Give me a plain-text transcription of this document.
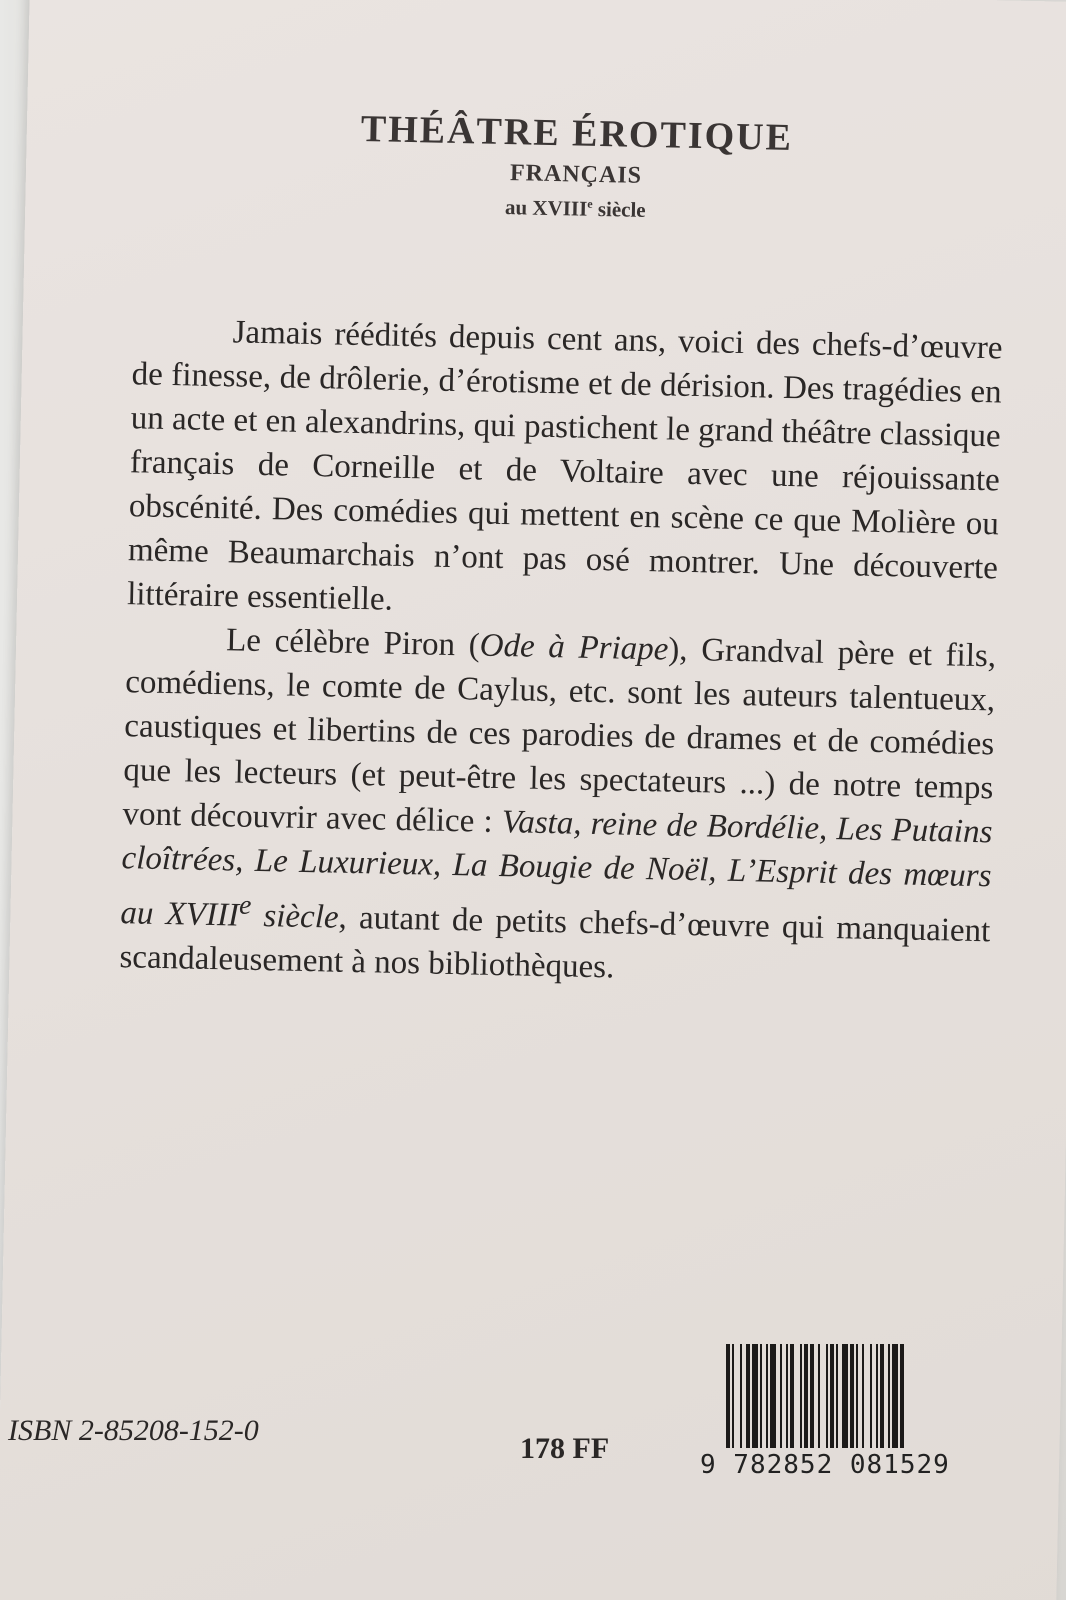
THÉÂTRE ÉROTIQUE
FRANÇAIS
au XVIIIe siècle

Jamais réédités depuis cent ans, voici des chefs-d’œuvre de finesse, de drôlerie, d’érotisme et de dérision. Des tragédies en un acte et en alexandrins, qui pastichent le grand théâtre classique français de Corneille et de Voltaire avec une réjouissante obscénité. Des comédies qui mettent en scène ce que Molière ou même Beaumarchais n’ont pas osé montrer. Une découverte littéraire essentielle.

Le célèbre Piron (Ode à Priape), Grandval père et fils, comédiens, le comte de Caylus, etc. sont les auteurs talentueux, caustiques et libertins de ces parodies de drames et de comédies que les lecteurs (et peut-être les spectateurs ...) de notre temps vont découvrir avec délice : Vasta, reine de Bordélie, Les Putains cloîtrées, Le Luxurieux, La Bougie de Noël, L’Esprit des mœurs au XVIIIe siècle, autant de petits chefs-d’œuvre qui manquaient scandaleusement à nos bibliothèques.

ISBN 2-85208-152-0
178 FF	9 782852 081529
